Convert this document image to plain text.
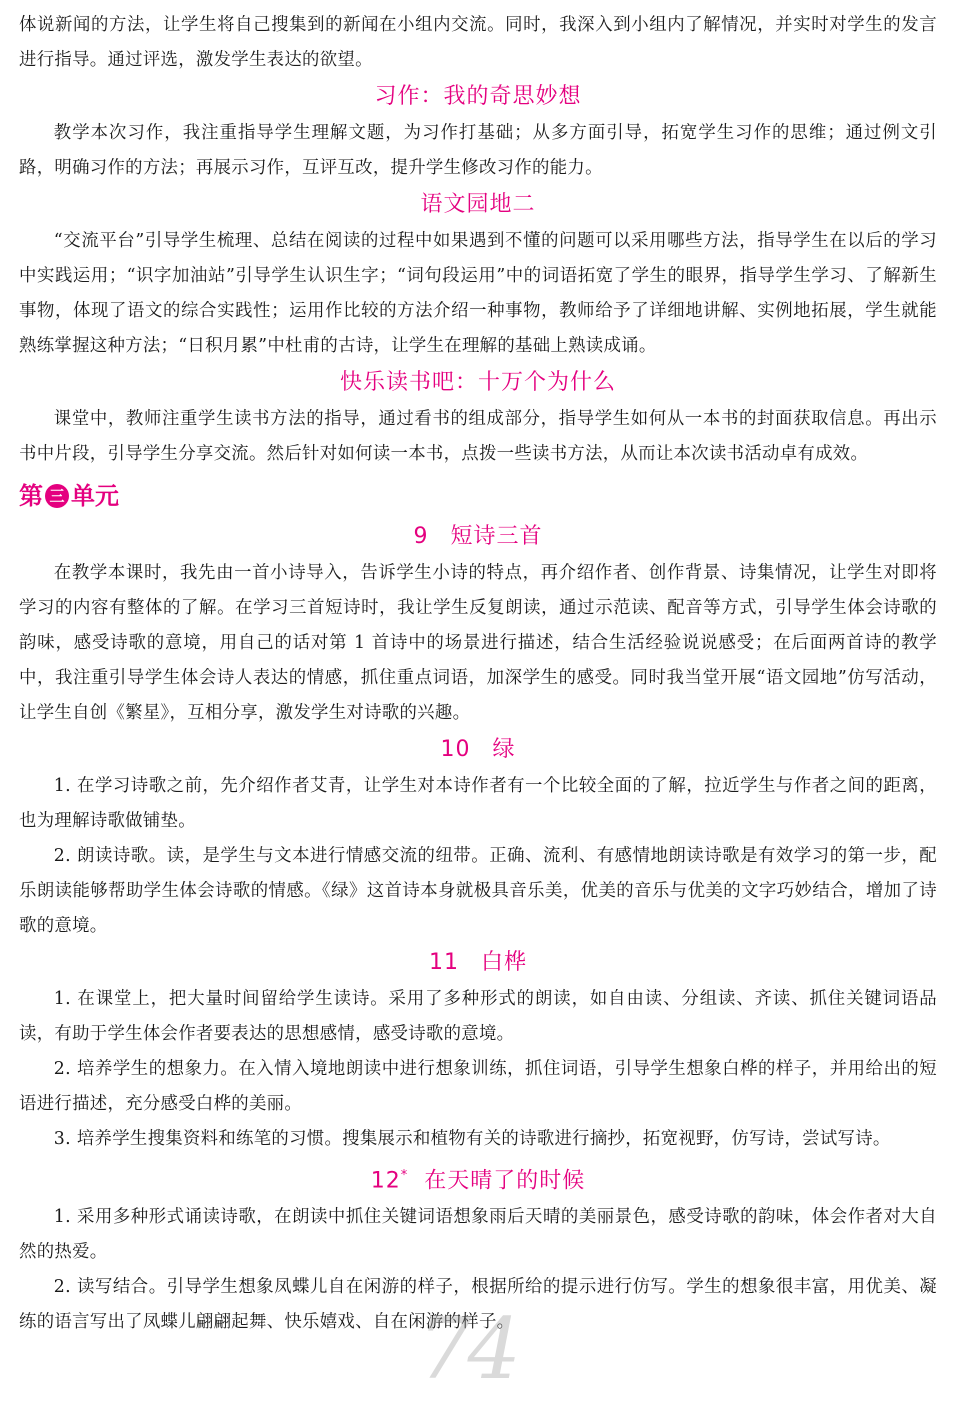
体说新闻的方法，让学生将自己搜集到的新闻在小组内交流。同时，我深入到小组内了解情况，并实时对学生的发言进行指导。通过评选，激发学生表达的欲望。

习作：我的奇思妙想

教学本次习作，我注重指导学生理解文题，为习作打基础；从多方面引导，拓宽学生习作的思维；通过例文引路，明确习作的方法；再展示习作，互评互改，提升学生修改习作的能力。

语文园地二

“交流平台”引导学生梳理、总结在阅读的过程中如果遇到不懂的问题可以采用哪些方法，指导学生在以后的学习中实践运用；“识字加油站”引导学生认识生字；“词句段运用”中的词语拓宽了学生的眼界，指导学生学习、了解新生事物，体现了语文的综合实践性；运用作比较的方法介绍一种事物，教师给予了详细地讲解、实例地拓展，学生就能熟练掌握这种方法；“日积月累”中杜甫的古诗，让学生在理解的基础上熟读成诵。

快乐读书吧：十万个为什么

课堂中，教师注重学生读书方法的指导，通过看书的组成部分，指导学生如何从一本书的封面获取信息。再出示书中片段，引导学生分享交流。然后针对如何读一本书，点拨一些读书方法，从而让本次读书活动卓有成效。

第 三 单元
9 短诗三首

在教学本课时，我先由一首小诗导入，告诉学生小诗的特点，再介绍作者、创作背景、诗集情况，让学生对即将学习的内容有整体的了解。在学习三首短诗时，我让学生反复朗读，通过示范读、配音等方式，引导学生体会诗歌的韵味，感受诗歌的意境，用自己的话对第 1 首诗中的场景进行描述，结合生活经验说说感受；在后面两首诗的教学中，我注重引导学生体会诗人表达的情感，抓住重点词语，加深学生的感受。同时我当堂开展“语文园地”仿写活动，让学生自创《繁星》，互相分享，激发学生对诗歌的兴趣。

10 绿

1. 在学习诗歌之前，先介绍作者艾青，让学生对本诗作者有一个比较全面的了解，拉近学生与作者之间的距离，也为理解诗歌做铺垫。

2. 朗读诗歌。读，是学生与文本进行情感交流的纽带。正确、流利、有感情地朗读诗歌是有效学习的第一步，配乐朗读能够帮助学生体会诗歌的情感。《绿》这首诗本身就极具音乐美，优美的音乐与优美的文字巧妙结合，增加了诗歌的意境。

11 白桦

1. 在课堂上，把大量时间留给学生读诗。采用了多种形式的朗读，如自由读、分组读、齐读、抓住关键词语品读，有助于学生体会作者要表达的思想感情，感受诗歌的意境。

2. 培养学生的想象力。在入情入境地朗读中进行想象训练，抓住词语，引导学生想象白桦的样子，并用给出的短语进行描述，充分感受白桦的美丽。

3. 培养学生搜集资料和练笔的习惯。搜集展示和植物有关的诗歌进行摘抄，拓宽视野，仿写诗，尝试写诗。

12* 在天晴了的时候

1. 采用多种形式诵读诗歌，在朗读中抓住关键词语想象雨后天晴的美丽景色，感受诗歌的韵味，体会作者对大自然的热爱。

2. 读写结合。引导学生想象凤蝶儿自在闲游的样子，根据所给的提示进行仿写。学生的想象很丰富，用优美、凝练的语言写出了凤蝶儿翩翩起舞、快乐嬉戏、自在闲游的样子。

74
